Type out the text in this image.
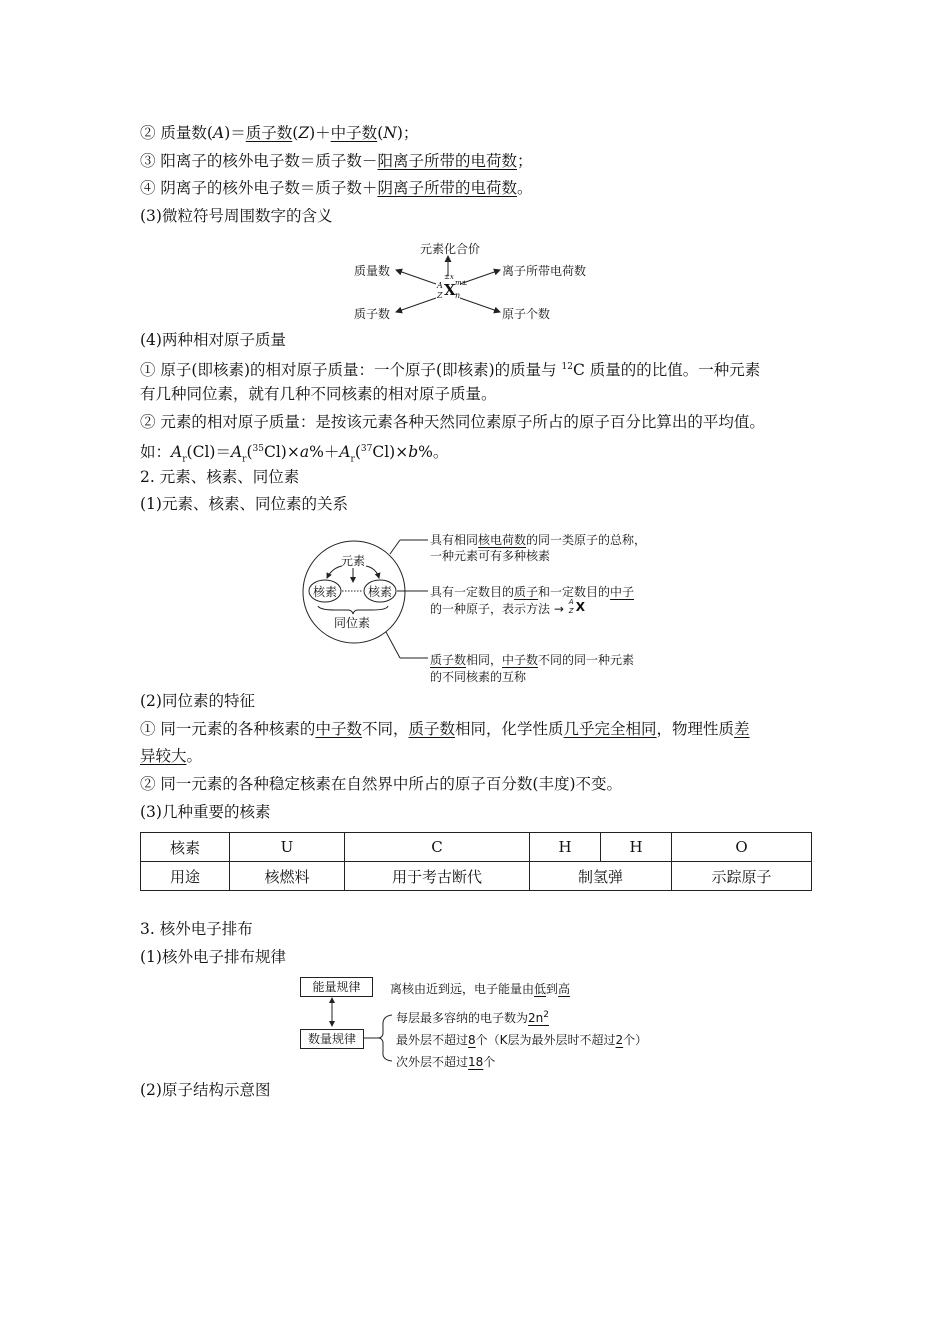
② 质量数(A)＝质子数(Z)＋中子数(N)；
③ 阳离子的核外电子数＝质子数－阳离子所带的电荷数；
④ 阴离子的核外电子数＝质子数＋阴离子所带的电荷数。
(3)微粒符号周围数字的含义
元素化合价
质量数	离子所带电荷数
质子数	原子个数
A
Z
±x
X m±
n
(4)两种相对原子质量
① 原子(即核素)的相对原子质量：一个原子(即核素)的质量与 $^{12}$C 质量的的比值。一种元素
有几种同位素，就有几种不同核素的相对原子质量。
② 元素的相对原子质量：是按该元素各种天然同位素原子所占的原子百分比算出的平均值。
如：$A_r(Cl)=A_r(^{35}Cl)\times a\%+A_r(^{37}Cl)\times b\%$。
2. 元素、核素、同位素
(1)元素、核素、同位素的关系
元素
核素	核素
同位素
具有相同核电荷数的同一类原子的总称，
一种元素可有多种核素
具有一定数目的质子和一定数目的中子
的一种原子，表示方法 → A
Z X
质子数相同，中子数不同的同一种元素
的不同核素的互称
(2)同位素的特征
① 同一元素的各种核素的中子数不同，质子数相同，化学性质几乎完全相同，物理性质差
异较大。
② 同一元素的各种稳定核素在自然界中所占的原子百分数(丰度)不变。
(3)几种重要的核素
核素	U	C	H	H	O
用途	核燃料	用于考古断代	制氢弹		示踪原子
3. 核外电子排布
(1)核外电子排布规律
能量规律
数量规律
离核由近到远，电子能量由低到高
每层最多容纳的电子数为$2n^2$
最外层不超过8个（K层为最外层时不超过2个）
次外层不超过18个
(2)原子结构示意图
